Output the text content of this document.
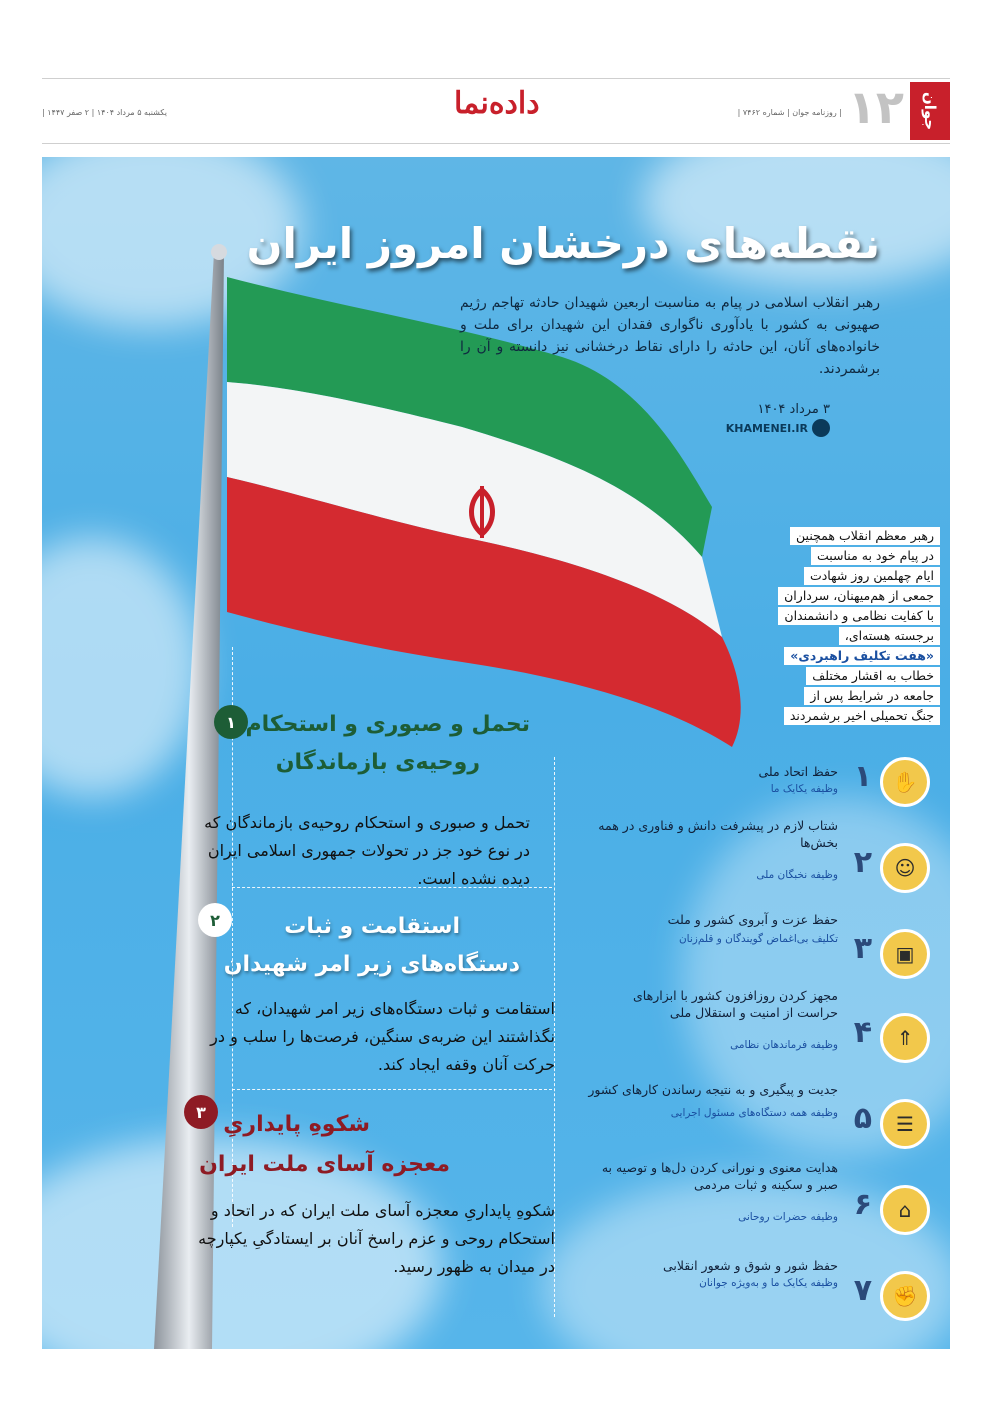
جوان
۱۲
| روزنامه جوان | شماره ۷۴۶۲ |
داده‌نما
یکشنبه ۵ مرداد ۱۴۰۴ | ۲ صفر ۱۴۴۷ |
نقطه‌های درخشان امروز ایران
رهبر انقلاب اسلامی در پیام به مناسبت اربعین شهیدان حادثه تهاجم رژیم صهیونی به کشور با یادآوری ناگواری فقدان این شهیدان برای ملت و خانواده‌های آنان، این حادثه را دارای نقاط درخشانی نیز دانسته و آن را برشمردند.
۳ مرداد ۱۴۰۴
KHAMENEI.IR
رهبر معظم انقلاب همچنین
در پیام خود به مناسبت
ایام چهلمین روز شهادت
جمعی از هم‌میهنان، سرداران
با کفایت نظامی و دانشمندان
برجسته هسته‌ای،
«هفت تکلیف راهبردی»
خطاب به اقشار مختلف
جامعه در شرایط پس از
جنگ تحمیلی اخیر برشمردند
۱ تحمل و صبوری و استحکام
روحیه‌ی بازماندگان
تحمل و صبوری و استحکام روحیه‌ی بازماندگان که در نوع خود جز در تحولات جمهوری اسلامی ایران دیده نشده است.
۲	استقامت و ثبات
دستگاه‌های زیر امر شهیدان
استقامت و ثبات دستگاه‌های زیر امر شهیدان، که نگذاشتند این ضربه‌ی سنگین، فرصت‌ها را سلب و در حرکت آنان وقفه ایجاد کند.
۳ شکوهِ پایداریِ
معجزه آسای ملت ایران
شکوهِ پایداریِ معجزه آسای ملت ایران که در اتحاد و استحکام روحی و عزم راسخ آنان بر ایستادگیِ یکپارچه در میدان به ظهور رسید.
✋
۱
حفظ اتحاد ملی
وظیفه یکایک ما
☺
۲
شتاب لازم در پیشرفت دانش و فناوری در همه بخش‌ها
وظیفه نخبگان ملی
▣
۳
حفظ عزت و آبروی کشور و ملت
تکلیف بی‌اغماض گویندگان و قلم‌زنان
⇑
۴
مجهز کردن روزافزون کشور با ابزارهای حراست از امنیت و استقلال ملی
وظیفه فرماندهان نظامی
☰
۵
جدیت و پیگیری و به نتیجه رساندن کارهای کشور
وظیفه همه دستگاه‌های مسئول اجرایی
⌂
۶
هدایت معنوی و نورانی کردن دل‌ها و توصیه به صبر و سکینه و ثبات مردمی
وظیفه حضرات روحانی
✊
۷
حفظ شور و شوق و شعور انقلابی
وظیفه یکایک ما و به‌ویژه جوانان
